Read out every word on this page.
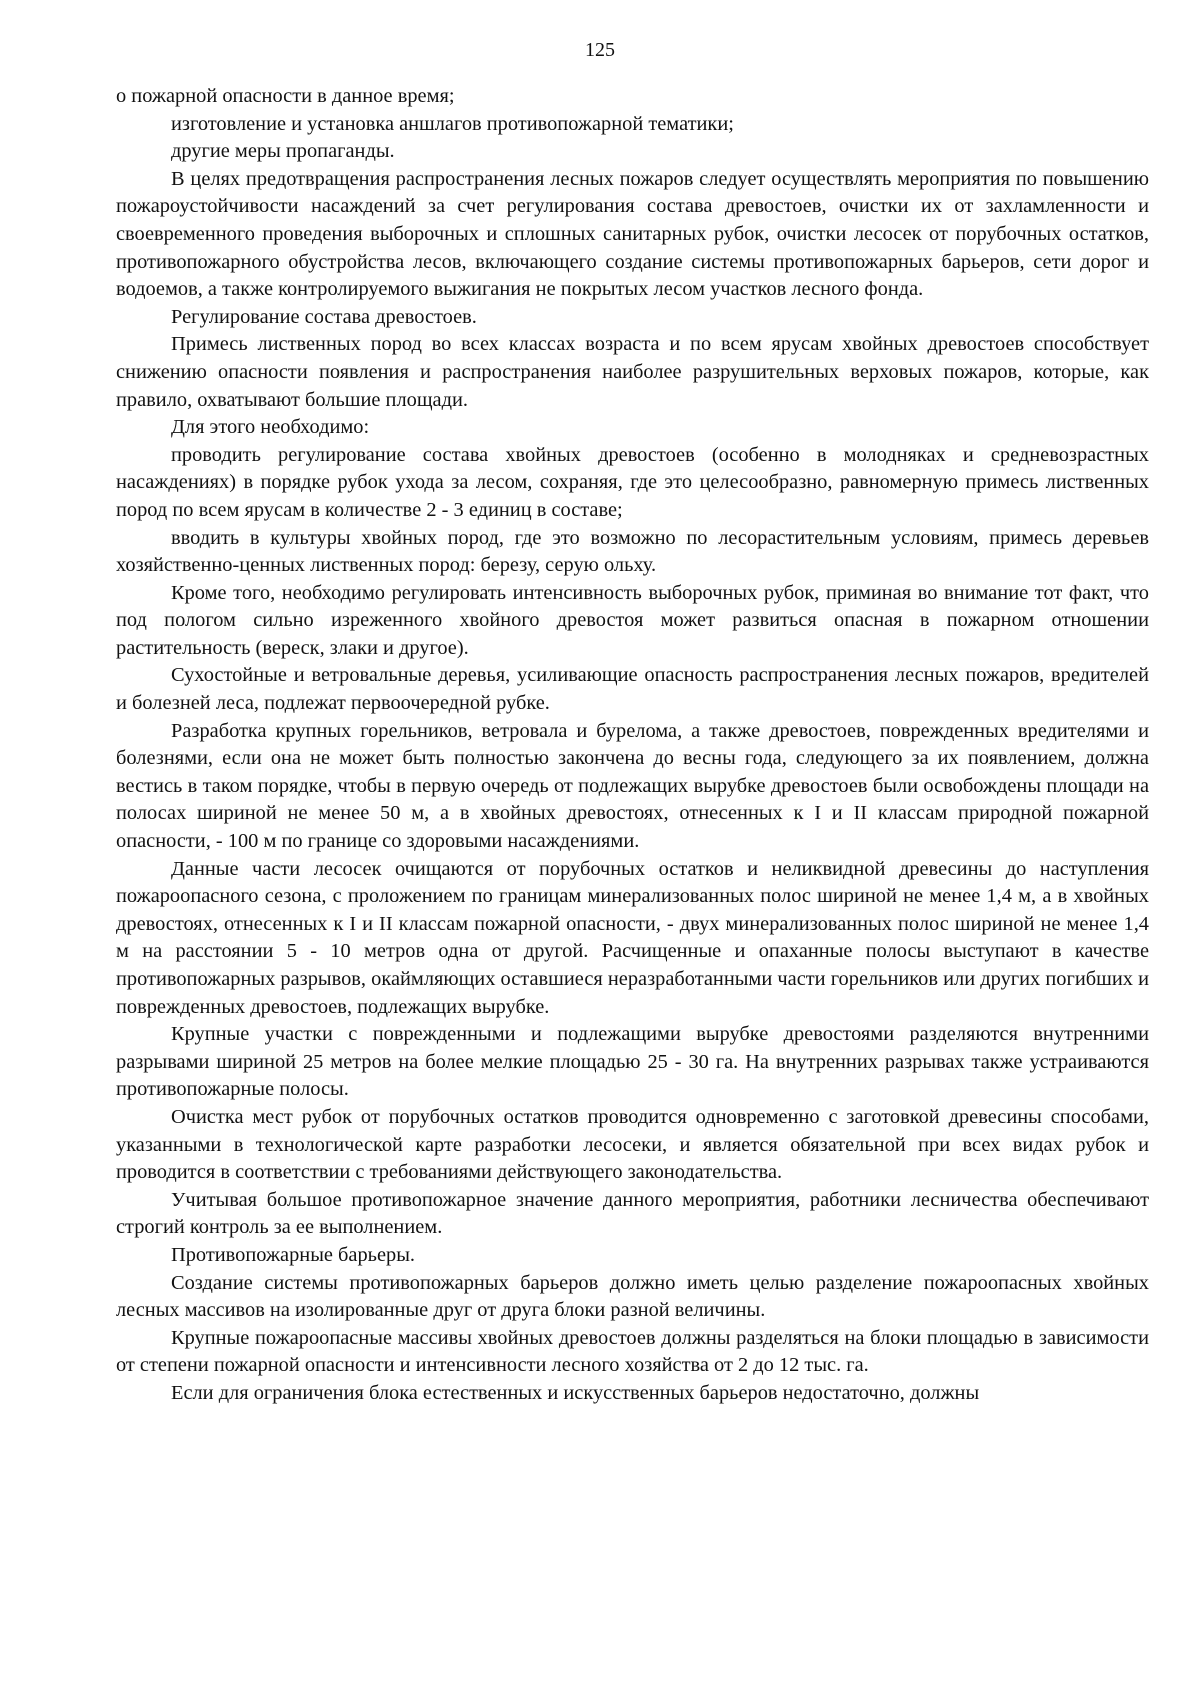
125

о пожарной опасности в данное время;

изготовление и установка аншлагов противопожарной тематики;

другие меры пропаганды.

В целях предотвращения распространения лесных пожаров следует осуществлять мероприятия по повышению пожароустойчивости насаждений за счет регулирования состава древостоев, очистки их от захламленности и своевременного проведения выборочных и сплошных санитарных рубок, очистки лесосек от порубочных остатков, противопожарного обустройства лесов, включающего создание системы противопожарных барьеров, сети дорог и водоемов, а также контролируемого выжигания не покрытых лесом участков лесного фонда.

Регулирование состава древостоев.

Примесь лиственных пород во всех классах возраста и по всем ярусам хвойных древостоев способствует снижению опасности появления и распространения наиболее разрушительных верховых пожаров, которые, как правило, охватывают большие площади.

Для этого необходимо:

проводить регулирование состава хвойных древостоев (особенно в молодняках и средневозрастных насаждениях) в порядке рубок ухода за лесом, сохраняя, где это целесообразно, равномерную примесь лиственных пород по всем ярусам в количестве 2 - 3 единиц в составе;

вводить в культуры хвойных пород, где это возможно по лесорастительным условиям, примесь деревьев хозяйственно-ценных лиственных пород: березу, серую ольху.

Кроме того, необходимо регулировать интенсивность выборочных рубок, приминая во внимание тот факт, что под пологом сильно изреженного хвойного древостоя может развиться опасная в пожарном отношении растительность (вереск, злаки и другое).

Сухостойные и ветровальные деревья, усиливающие опасность распространения лесных пожаров, вредителей и болезней леса, подлежат первоочередной рубке.

Разработка крупных горельников, ветровала и бурелома, а также древостоев, поврежденных вредителями и болезнями, если она не может быть полностью закончена до весны года, следующего за их появлением, должна вестись в таком порядке, чтобы в первую очередь от подлежащих вырубке древостоев были освобождены площади на полосах шириной не менее 50 м, а в хвойных древостоях, отнесенных к I и II классам природной пожарной опасности, - 100 м по границе со здоровыми насаждениями.

Данные части лесосек очищаются от порубочных остатков и неликвидной древесины до наступления пожароопасного сезона, с проложением по границам минерализованных полос шириной не менее 1,4 м, а в хвойных древостоях, отнесенных к I и II классам пожарной опасности, - двух минерализованных полос шириной не менее 1,4 м на расстоянии 5 - 10 метров одна от другой. Расчищенные и опаханные полосы выступают в качестве противопожарных разрывов, окаймляющих оставшиеся неразработанными части горельников или других погибших и поврежденных древостоев, подлежащих вырубке.

Крупные участки с поврежденными и подлежащими вырубке древостоями разделяются внутренними разрывами шириной 25 метров на более мелкие площадью 25 - 30 га. На внутренних разрывах также устраиваются противопожарные полосы.

Очистка мест рубок от порубочных остатков проводится одновременно с заготовкой древесины способами, указанными в технологической карте разработки лесосеки, и является обязательной при всех видах рубок и проводится в соответствии с требованиями действующего законодательства.

Учитывая большое противопожарное значение данного мероприятия, работники лесничества обеспечивают строгий контроль за ее выполнением.

Противопожарные барьеры.

Создание системы противопожарных барьеров должно иметь целью разделение пожароопасных хвойных лесных массивов на изолированные друг от друга блоки разной величины.

Крупные пожароопасные массивы хвойных древостоев должны разделяться на блоки площадью в зависимости от степени пожарной опасности и интенсивности лесного хозяйства от 2 до 12 тыс. га.

Если для ограничения блока естественных и искусственных барьеров недостаточно, должны
